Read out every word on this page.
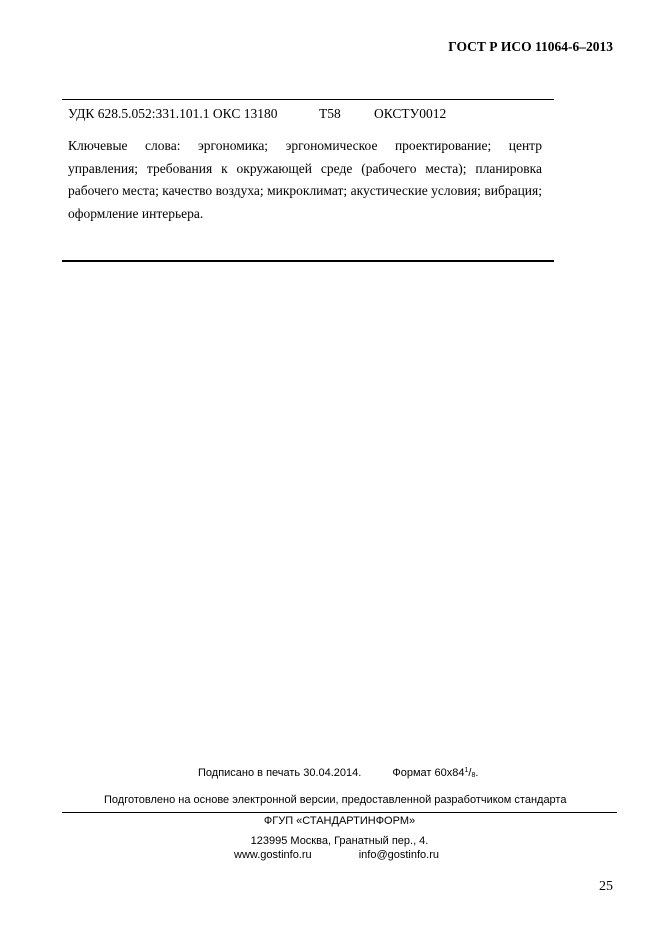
ГОСТ Р ИСО 11064-6–2013
УДК 628.5.052:331.101.1 ОКС 13180	Т58 ОКСТУ0012
Ключевые слова: эргономика; эргономическое проектирование; центр управления; требования к окружающей среде (рабочего места); планировка рабочего места; качество воздуха; микроклимат; акустические условия; вибрация; оформление интерьера.
Подписано в печать 30.04.2014.	Формат $60x84^1/_8$.
Подготовлено на основе электронной версии, предоставленной разработчиком стандарта
ФГУП «СТАНДАРТИНФОРМ»
123995 Москва, Гранатный пер., 4.
www.gostinfo.ru	info@gostinfo.ru
25
